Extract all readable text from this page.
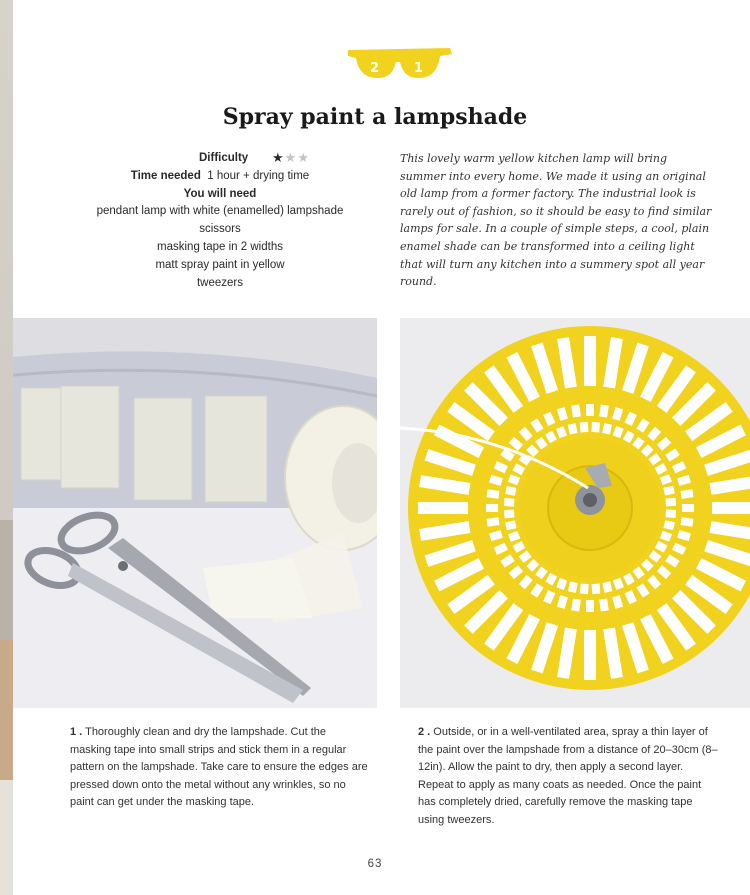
2	1
Spray paint a lampshade
Difficulty ★★★
Time needed 1 hour + drying time
You will need
pendant lamp with white (enamelled) lampshade
scissors
masking tape in 2 widths
matt spray paint in yellow
tweezers

This lovely warm yellow kitchen lamp will bring summer into every home. We made it using an original old lamp from a former factory. The industrial look is rarely out of fashion, so it should be easy to find similar lamps for sale. In a couple of simple steps, a cool, plain enamel shade can be transformed into a ceiling light that will turn any kitchen into a summery spot all year round.

1 . Thoroughly clean and dry the lampshade. Cut the masking tape into small strips and stick them in a regular pattern on the lampshade. Take care to ensure the edges are pressed down onto the metal without any wrinkles, so no paint can get under the masking tape.

2 . Outside, or in a well-ventilated area, spray a thin layer of the paint over the lampshade from a distance of 20–30cm (8–12in). Allow the paint to dry, then apply a second layer. Repeat to apply as many coats as needed. Once the paint has completely dried, carefully remove the masking tape using tweezers.

63
